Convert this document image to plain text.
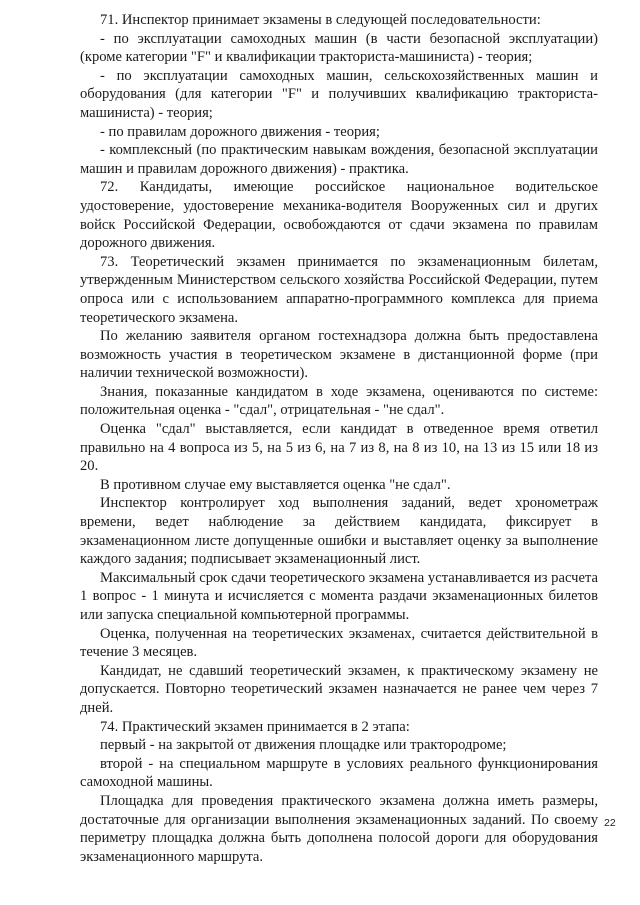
71. Инспектор принимает экзамены в следующей последовательности:

- по эксплуатации самоходных машин (в части безопасной эксплуатации) (кроме категории "F" и квалификации тракториста-машиниста) - теория;

- по эксплуатации самоходных машин, сельскохозяйственных машин и оборудования (для категории "F" и получивших квалификацию тракториста-машиниста) - теория;

- по правилам дорожного движения - теория;

- комплексный (по практическим навыкам вождения, безопасной эксплуатации машин и правилам дорожного движения) - практика.

72. Кандидаты, имеющие российское национальное водительское удостоверение, удостоверение механика-водителя Вооруженных сил и других войск Российской Федерации, освобождаются от сдачи экзамена по правилам дорожного движения.

73. Теоретический экзамен принимается по экзаменационным билетам, утвержденным Министерством сельского хозяйства Российской Федерации, путем опроса или с использованием аппаратно-программного комплекса для приема теоретического экзамена.

По желанию заявителя органом гостехнадзора должна быть предоставлена возможность участия в теоретическом экзамене в дистанционной форме (при наличии технической возможности).

Знания, показанные кандидатом в ходе экзамена, оцениваются по системе: положительная оценка - "сдал", отрицательная - "не сдал".

Оценка "сдал" выставляется, если кандидат в отведенное время ответил правильно на 4 вопроса из 5, на 5 из 6, на 7 из 8, на 8 из 10, на 13 из 15 или 18 из 20.

В противном случае ему выставляется оценка "не сдал".

Инспектор контролирует ход выполнения заданий, ведет хронометраж времени, ведет наблюдение за действием кандидата, фиксирует в экзаменационном листе допущенные ошибки и выставляет оценку за выполнение каждого задания; подписывает экзаменационный лист.

Максимальный срок сдачи теоретического экзамена устанавливается из расчета 1 вопрос - 1 минута и исчисляется с момента раздачи экзаменационных билетов или запуска специальной компьютерной программы.

Оценка, полученная на теоретических экзаменах, считается действительной в течение 3 месяцев.

Кандидат, не сдавший теоретический экзамен, к практическому экзамену не допускается. Повторно теоретический экзамен назначается не ранее чем через 7 дней.

74. Практический экзамен принимается в 2 этапа:

первый - на закрытой от движения площадке или трактородроме;

второй - на специальном маршруте в условиях реального функционирования самоходной машины.

Площадка для проведения практического экзамена должна иметь размеры, достаточные для организации выполнения экзаменационных заданий. По своему периметру площадка должна быть дополнена полосой дороги для оборудования экзаменационного маршрута.

22
